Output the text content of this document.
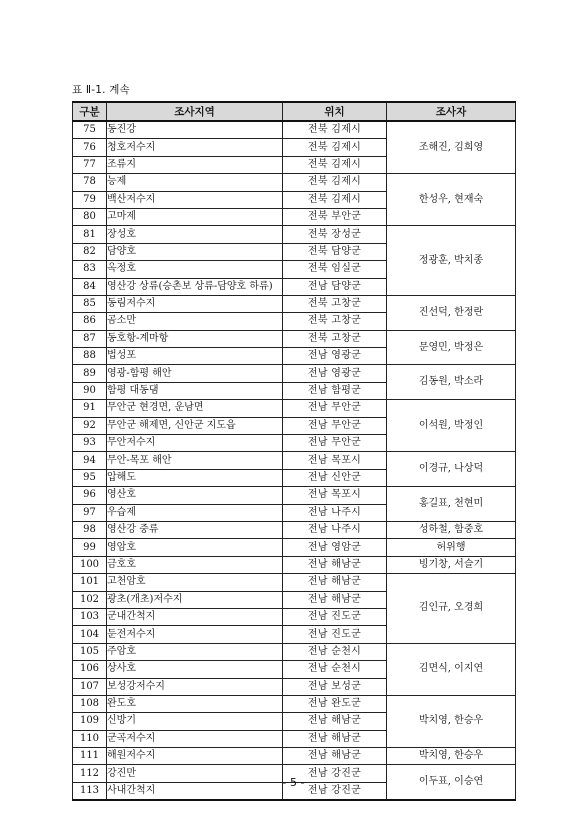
표 Ⅱ-1. 계속
구분	조사지역	위치	조사자
75	동진강	전북 김제시	조해진, 김희영
76	청호저수지	전북 김제시	
77	조류지	전북 김제시	
78	능제	전북 김제시	한성우, 현재숙
79	백산저수지	전북 김제시	
80	고마제	전북 부안군	
81	장성호	전북 장성군	정광훈, 박치종
82	담양호	전북 담양군	
83	옥정호	전북 임실군	
84	영산강 상류(승촌보 상류-담양호 하류)	전남 담양군	
85	동림저수지	전북 고창군	진선덕, 한정란
86	곰소만	전북 고창군	
87	동호항-계마항	전북 고창군	문영민, 박정은
88	법성포	전남 영광군	
89	영광-함평 해안	전남 영광군	김동원, 박소라
90	함평 대동댐	전남 함평군	
91	무안군 현경면, 운남면	전남 무안군	이석원, 박정인
92	무안군 해제면, 신안군 지도읍	전남 무안군	
93	무안저수지	전남 무안군	
94	무안-목포 해안	전남 목포시	이경규, 나상덕
95	압해도	전남 신안군	
96	영산호	전남 목포시	홍길표, 천현미
97	우습제	전남 나주시	
98	영산강 중류	전남 나주시	성하철, 함중호
99	영암호	전남 영암군	허위행
100	금호호	전남 해남군	빙기창, 서슬기
101	고천암호	전남 해남군	김인규, 오경희
102	광초(개초)저수지	전남 해남군	
103	군내간척지	전남 진도군	
104	둔전저수지	전남 진도군	
105	주암호	전남 순천시	김면식, 이지연
106	상사호	전남 순천시	
107	보성강저수지	전남 보성군	
108	완도호	전남 완도군	박치영, 한승우
109	신방기	전남 해남군	
110	군곡저수지	전남 해남군	
111	해원저수지	전남 해남군	박치영, 한승우
112	강진만	전남 강진군	이두표, 이승연
113	사내간척지	전남 강진군	
- 5 -
